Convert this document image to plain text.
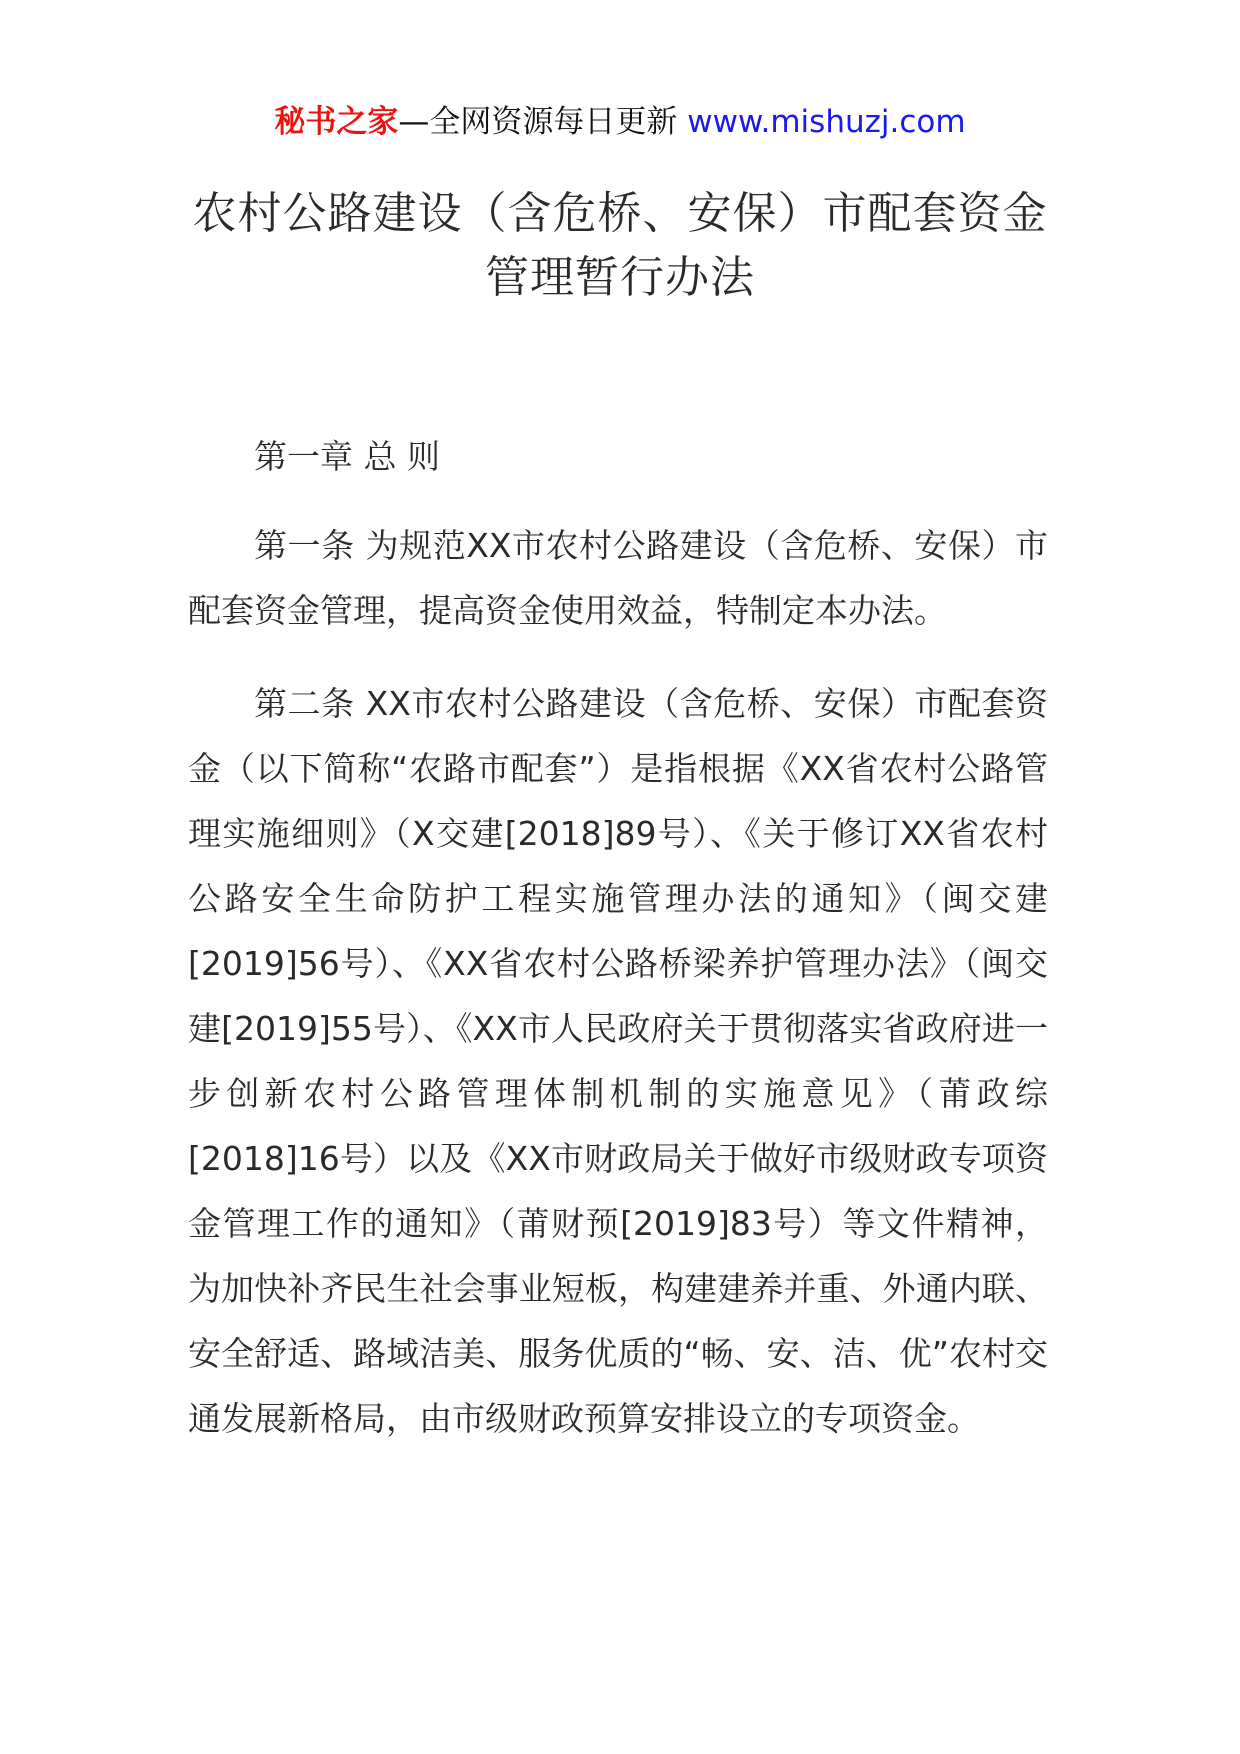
秘书之家—全网资源每日更新 www.mishuzj.com
农村公路建设（含危桥、安保）市配套资金管理暂行办法

第一章 总 则

第一条 为规范XX市农村公路建设（含危桥、安保）市配套资金管理，提高资金使用效益，特制定本办法。

第二条 XX市农村公路建设（含危桥、安保）市配套资金（以下简称“农路市配套”）是指根据《XX省农村公路管理实施细则》（X交建[2018]89号）、《关于修订XX省农村公路安全生命防护工程实施管理办法的通知》（闽交建[2019]56号）、《XX省农村公路桥梁养护管理办法》（闽交建[2019]55号）、《XX市人民政府关于贯彻落实省政府进一步创新农村公路管理体制机制的实施意见》（莆政综[2018]16号）以及《XX市财政局关于做好市级财政专项资金管理工作的通知》（莆财预[2019]83号）等文件精神，为加快补齐民生社会事业短板，构建建养并重、外通内联、安全舒适、路域洁美、服务优质的“畅、安、洁、优”农村交通发展新格局，由市级财政预算安排设立的专项资金。
